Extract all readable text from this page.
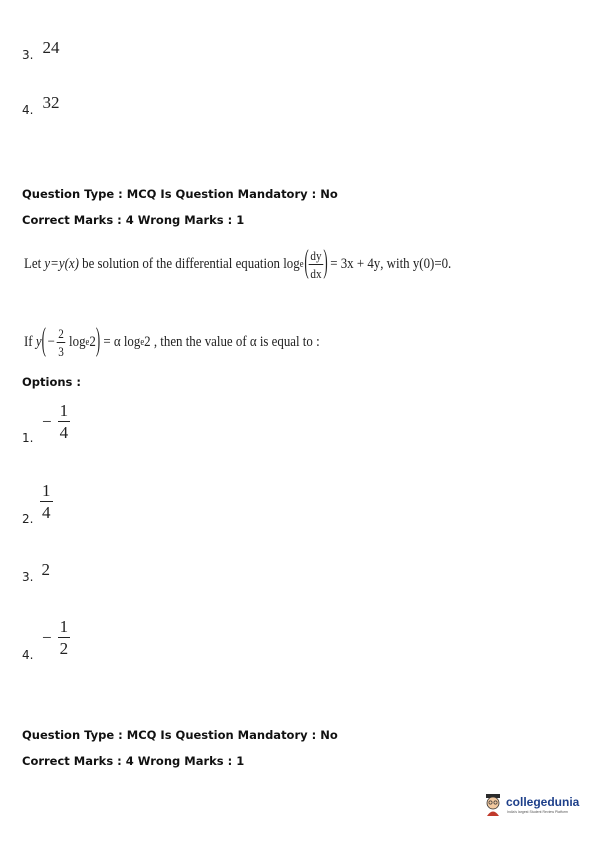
3. 24
4. 32
Question Type : MCQ Is Question Mandatory : No
Correct Marks : 4 Wrong Marks : 1
Let y=y(x) be solution of the differential equation log e ( $\frac{dy}{dx}$ ) = 3x + 4y , with y(0)=0.
If y ( − $\frac{2}{3}$ log e 2 ) = α log e 2 , then the value of α is equal to :
Options :
1.
− $\frac{1}{4}$
2. $\frac{1}{4}$
$_{3.}$ 2
4.
− $\frac{1}{2}$
Question Type : MCQ Is Question Mandatory : No
Correct Marks : 4 Wrong Marks : 1
collegedunia
India's largest Student Review Platform
